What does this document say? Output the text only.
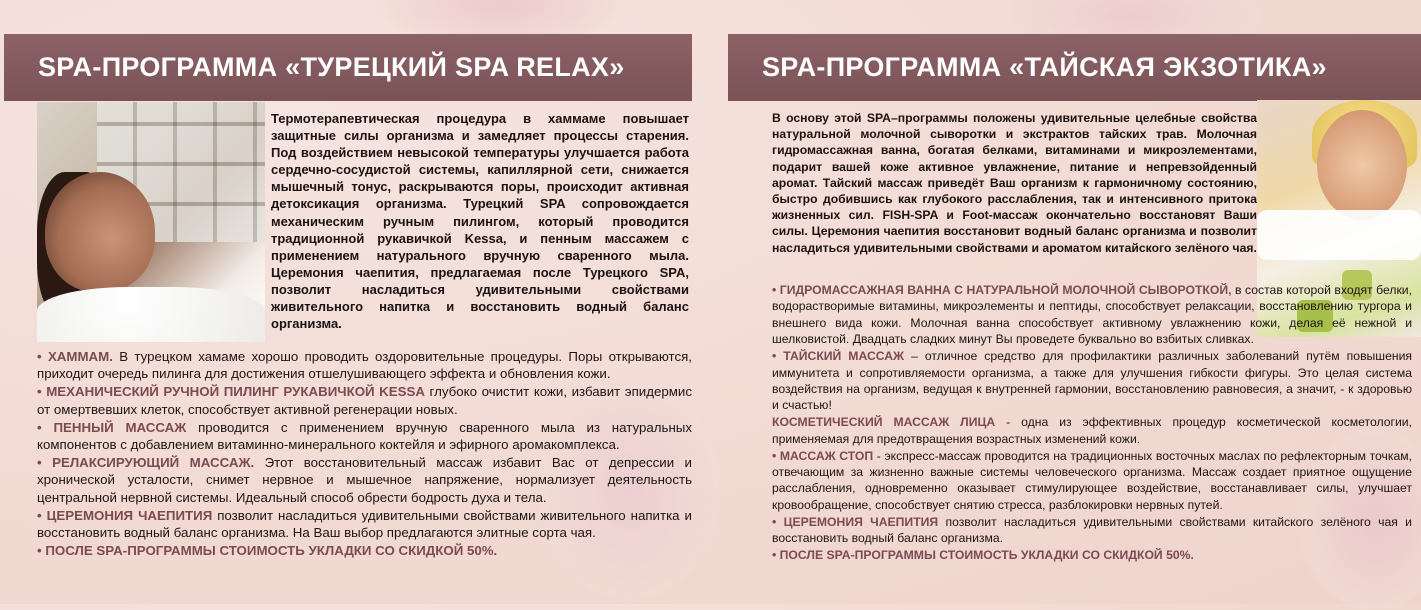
SPA-ПРОГРАММА «ТУРЕЦКИЙ SPA RELAX»
Термотерапевтическая процедура в хаммаме повышает защитные силы организма и замедляет процессы старения. Под воздействием невысокой температуры улучшается работа сердечно-сосудистой системы, капиллярной сети, снижается мышечный тонус, раскрываются поры, происходит активная детоксикация организма. Турецкий SPA сопровождается механическим ручным пилингом, который проводится традиционной рукавичкой Kessa, и пенным массажем с применением натурального вручную сваренного мыла. Церемония чаепития, предлагаемая после Турецкого SPA, позволит насладиться удивительными свойствами живительного напитка и восстановить водный баланс организма.

• ХАММАМ. В турецком хамаме хорошо проводить оздоровительные процедуры. Поры открываются, приходит очередь пилинга для достижения отшелушивающего эффекта и обновления кожи.

• МЕХАНИЧЕСКИЙ РУЧНОЙ ПИЛИНГ РУКАВИЧКОЙ KESSA глубоко очистит кожи, избавит эпидермис от омертвевших клеток, способствует активной регенерации новых.

• ПЕННЫЙ МАССАЖ проводится с применением вручную сваренного мыла из натуральных компонентов с добавлением витаминно-минерального коктейля и эфирного аромакомплекса.

• РЕЛАКСИРУЮЩИЙ МАССАЖ. Этот восстановительный массаж избавит Вас от депрессии и хронической усталости, снимет нервное и мышечное напряжение, нормализует деятельность центральной нервной системы. Идеальный способ обрести бодрость духа и тела.

• ЦЕРЕМОНИЯ ЧАЕПИТИЯ позволит насладиться удивительными свойствами живительного напитка и восстановить водный баланс организма. На Ваш выбор предлагаются элитные сорта чая.

• ПОСЛЕ SPA-ПРОГРАММЫ СТОИМОСТЬ УКЛАДКИ СО СКИДКОЙ 50%.

SPA-ПРОГРАММА «ТАЙСКАЯ ЭКЗОТИКА»
В основу этой SPA–программы положены удивительные целебные свойства натуральной молочной сыворотки и экстрактов тайских трав. Молочная гидромассажная ванна, богатая белками, витаминами и микроэлементами, подарит вашей коже активное увлажнение, питание и непревзойденный аромат. Тайский массаж приведёт Ваш организм к гармоничному состоянию, быстро добившись как глубокого расслабления, так и интенсивного притока жизненных сил. FISH-SPA и Foot-массаж окончательно восстановят Ваши силы. Церемония чаепития восстановит водный баланс организма и позволит насладиться удивительными свойствами и ароматом китайского зелёного чая.

• ГИДРОМАССАЖНАЯ ВАННА С НАТУРАЛЬНОЙ МОЛОЧНОЙ СЫВОРОТКОЙ, в состав которой входят белки, водорастворимые витамины, микроэлементы и пептиды, способствует релаксации, восстановлению тургора и внешнего вида кожи. Молочная ванна способствует активному увлажнению кожи, делая её нежной и шелковистой. Двадцать сладких минут Вы проведете буквально во взбитых сливках.

• ТАЙСКИЙ МАССАЖ – отличное средство для профилактики различных заболеваний путём повышения иммунитета и сопротивляемости организма, а также для улучшения гибкости фигуры. Это целая система воздействия на организм, ведущая к внутренней гармонии, восстановлению равновесия, а значит, - к здоровью и счастью!

КОСМЕТИЧЕСКИЙ МАССАЖ ЛИЦА - одна из эффективных процедур косметической косметологии, применяемая для предотвращения возрастных изменений кожи.

• МАССАЖ СТОП - экспресс-массаж проводится на традиционных восточных маслах по рефлекторным точкам, отвечающим за жизненно важные системы человеческого организма. Массаж создает приятное ощущение расслабления, одновременно оказывает стимулирующее воздействие, восстанавливает силы, улучшает кровообращение, способствует снятию стресса, разблокировки нервных путей.

• ЦЕРЕМОНИЯ ЧАЕПИТИЯ позволит насладиться удивительными свойствами китайского зелёного чая и восстановить водный баланс организма.

• ПОСЛЕ SPA-ПРОГРАММЫ СТОИМОСТЬ УКЛАДКИ СО СКИДКОЙ 50%.
